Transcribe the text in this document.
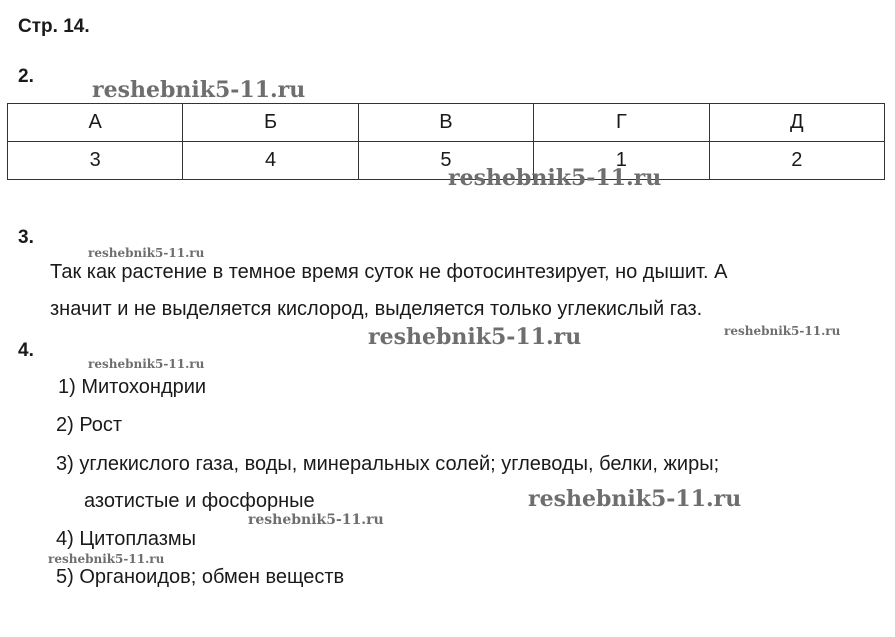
Стр. 14.
2.
А	Б	В	Г	Д
3	4	5	1	2
3.
Так как растение в темное время суток не фотосинтезирует, но дышит. А
значит и не выделяется кислород, выделяется только углекислый газ.
4.
1) Митохондрии
2) Рост
3) углекислого газа, воды, минеральных солей; углеводы, белки, жиры;
азотистые и фосфорные
4) Цитоплазмы
5) Органоидов; обмен веществ
reshebnik5-11.ru
reshebnik5-11.ru
reshebnik5-11.ru
reshebnik5-11.ru	reshebnik5-11.ru
reshebnik5-11.ru
reshebnik5-11.ru
reshebnik5-11.ru
reshebnik5-11.ru
